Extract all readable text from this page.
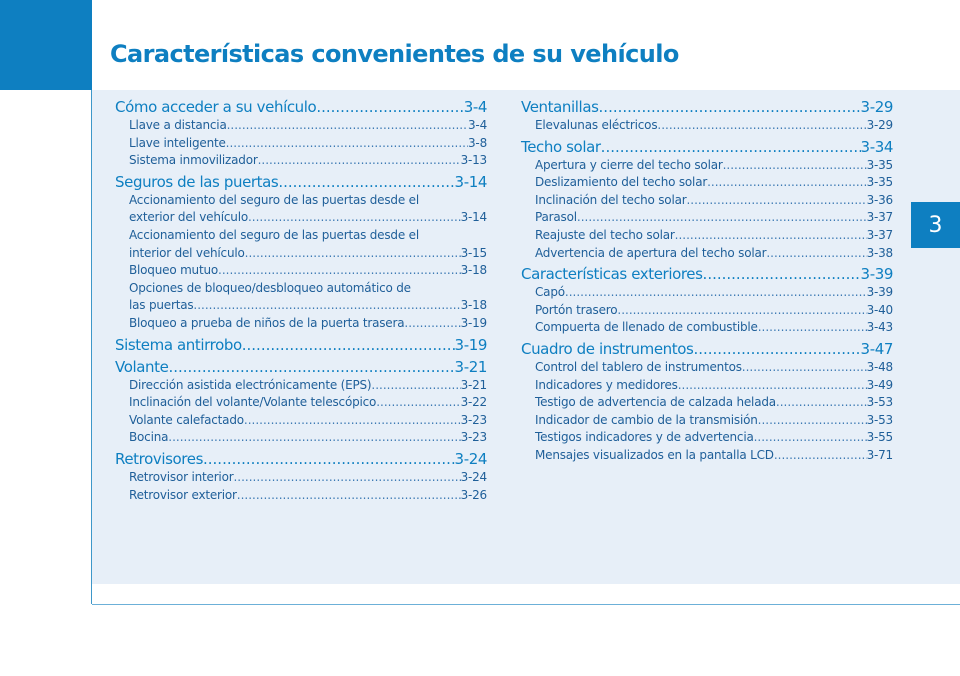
Características convenientes de su vehículo
3
Cómo acceder a su vehículo .....	3-4
Llave a distancia .....	3-4
Llave inteligente .....	3-8
Sistema inmovilizador .....	3-13
Seguros de las puertas .....	3-14
Accionamiento del seguro de las puertas desde el
exterior del vehículo .....	3-14
Accionamiento del seguro de las puertas desde el
interior del vehículo .....	3-15
Bloqueo mutuo .....	3-18
Opciones de bloqueo/desbloqueo automático de
las puertas .....	3-18
Bloqueo a prueba de niños de la puerta trasera .....	3-19
Sistema antirrobo .....	3-19
Volante .....	3-21
Dirección asistida electrónicamente (EPS) .....	3-21
Inclinación del volante/Volante telescópico .....	3-22
Volante calefactado .....	3-23
Bocina .....	3-23
Retrovisores .....	3-24
Retrovisor interior .....	3-24
Retrovisor exterior .....	3-26
Ventanillas .....	3-29
Elevalunas eléctricos .....	3-29
Techo solar .....	3-34
Apertura y cierre del techo solar .....	3-35
Deslizamiento del techo solar .....	3-35
Inclinación del techo solar .....	3-36
Parasol .....	3-37
Reajuste del techo solar .....	3-37
Advertencia de apertura del techo solar .....	3-38
Características exteriores .....	3-39
Capó .....	3-39
Portón trasero .....	3-40
Compuerta de llenado de combustible .....	3-43
Cuadro de instrumentos .....	3-47
Control del tablero de instrumentos .....	3-48
Indicadores y medidores .....	3-49
Testigo de advertencia de calzada helada .....	3-53
Indicador de cambio de la transmisión .....	3-53
Testigos indicadores y de advertencia .....	3-55
Mensajes visualizados en la pantalla LCD .....	3-71
